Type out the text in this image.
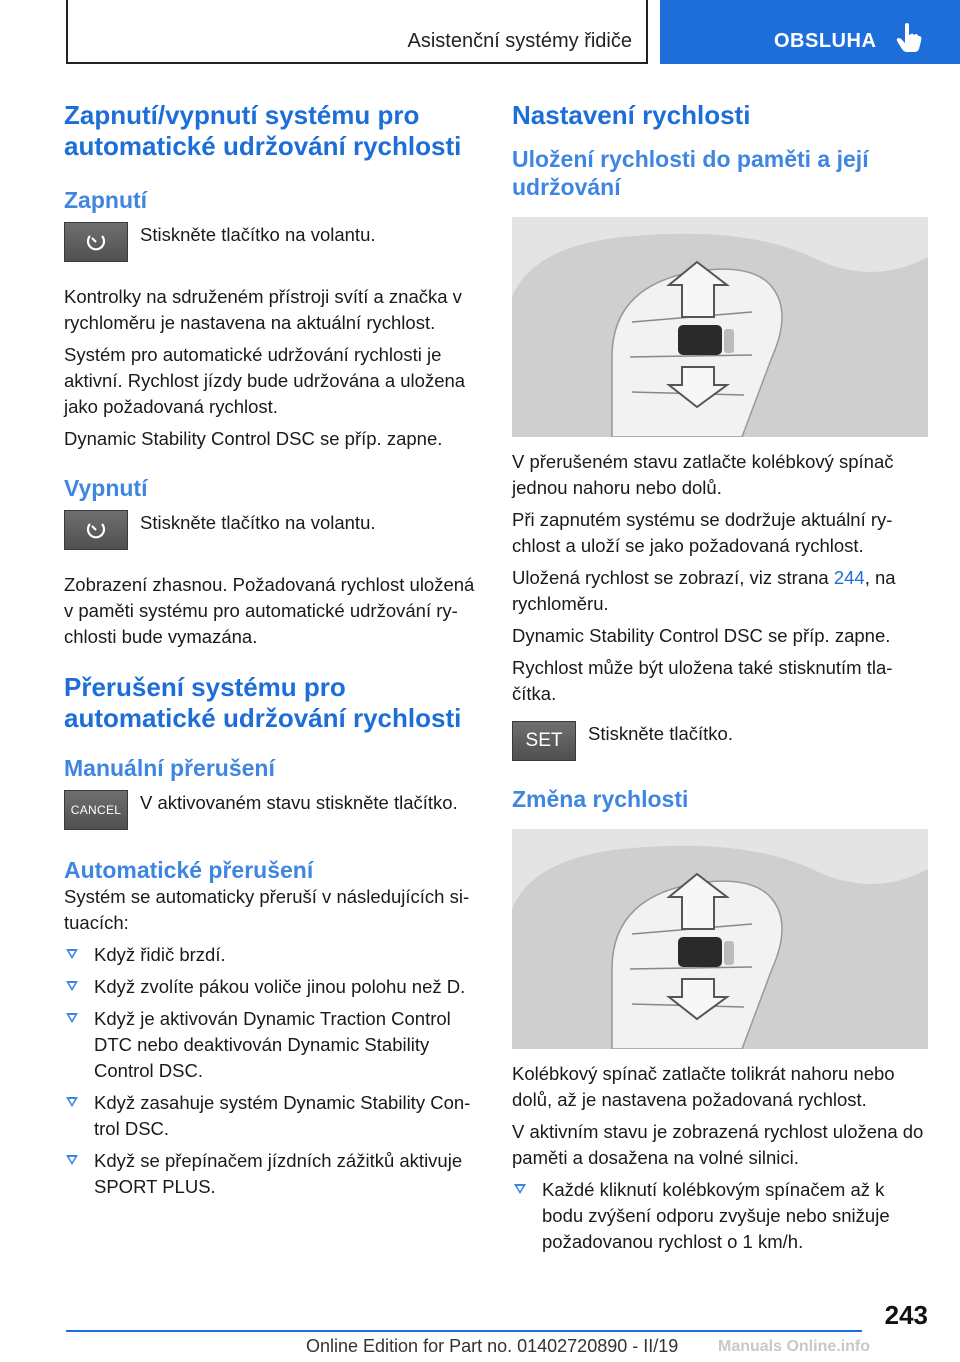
Asistenční systémy řidiče	OBSLUHA
Zapnutí/vypnutí systému pro automatické udržování rychlosti
Zapnutí
Stiskněte tlačítko na volantu.

Kontrolky na sdruženém přístroji svítí a značka v rychloměru je nastavena na aktuální rychlost.

Systém pro automatické udržování rychlosti je aktivní. Rychlost jízdy bude udržována a uložena jako požadovaná rychlost.

Dynamic Stability Control DSC se příp. zapne.

Vypnutí
Stiskněte tlačítko na volantu.

Zobrazení zhasnou. Požadovaná rychlost uložená v paměti systému pro automatické udržování rychlosti bude vymazána.

Přerušení systému pro automatické udržování rychlosti
Manuální přerušení
CANCEL	V aktivovaném stavu stiskněte tlačítko.
Automatické přerušení

Systém se automaticky přeruší v následujících situacích:

Když řidič brzdí.

Když zvolíte pákou voliče jinou polohu než D.

Když je aktivován Dynamic Traction Control DTC nebo deaktivován Dynamic Stability Control DSC.

Když zasahuje systém Dynamic Stability Control DSC.

Když se přepínačem jízdních zážitků aktivuje SPORT PLUS.

Nastavení rychlosti
Uložení rychlosti do paměti a její udržování

V přerušeném stavu zatlačte kolébkový spínač jednou nahoru nebo dolů.

Při zapnutém systému se dodržuje aktuální rychlost a uloží se jako požadovaná rychlost.

Uložená rychlost se zobrazí, viz strana 244, na rychloměru.

Dynamic Stability Control DSC se příp. zapne.

Rychlost může být uložena také stisknutím tlačítka.

SET	Stiskněte tlačítko.
Změna rychlosti

Kolébkový spínač zatlačte tolikrát nahoru nebo dolů, až je nastavena požadovaná rychlost.

V aktivním stavu je zobrazená rychlost uložena do paměti a dosažena na volné silnici.

Každé kliknutí kolébkovým spínačem až k bodu zvýšení odporu zvyšuje nebo snižuje požadovanou rychlost o 1 km/h.

243
Online Edition for Part no. 01402720890 - II/19 Manuals Online.info
